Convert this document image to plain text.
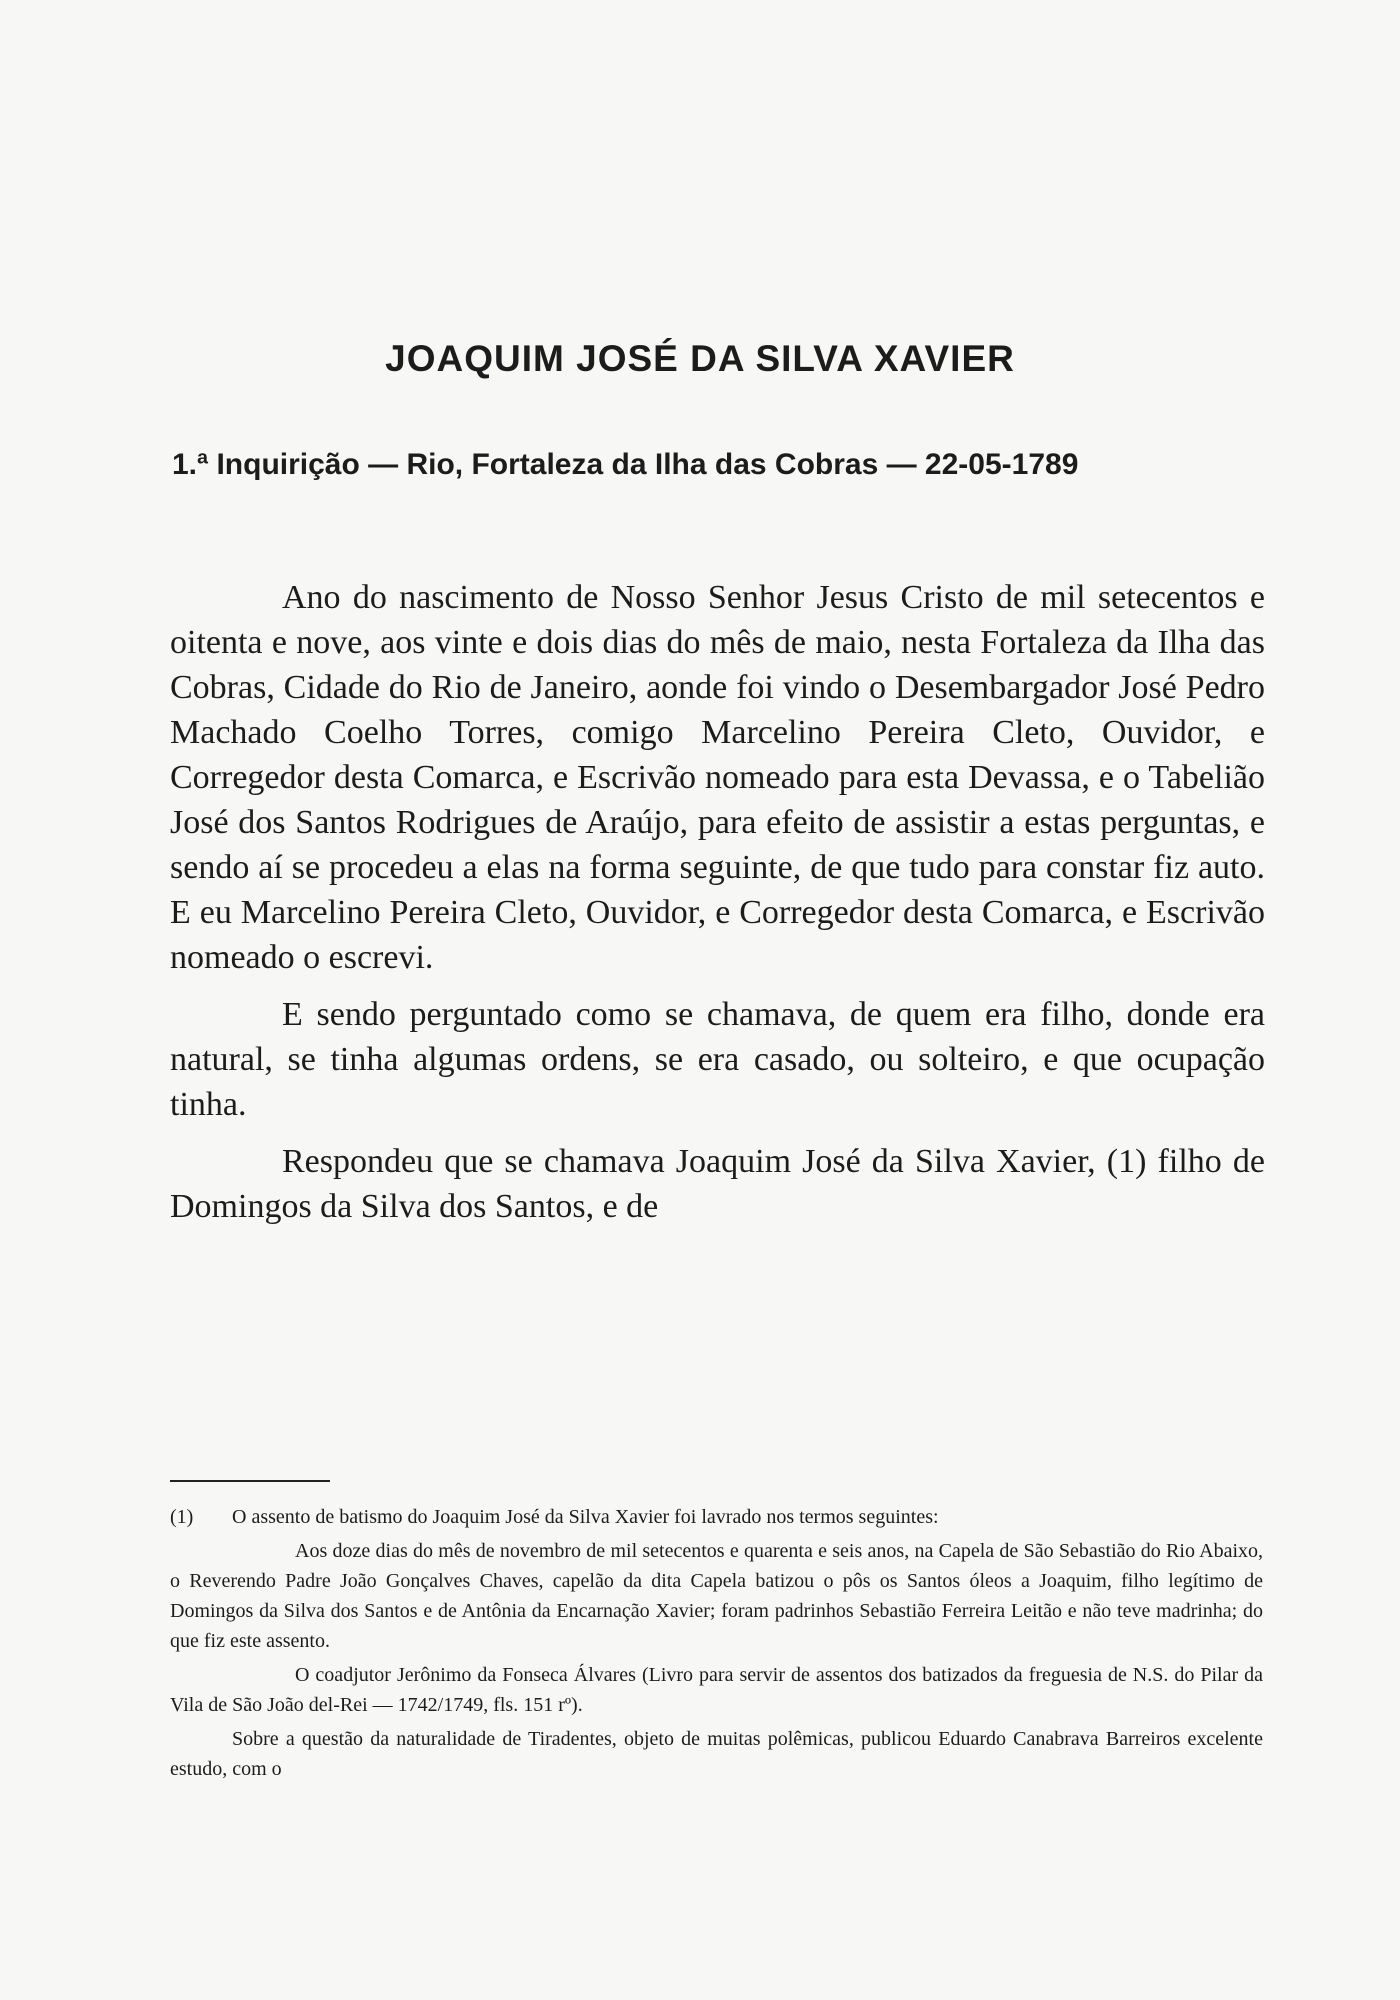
JOAQUIM JOSÉ DA SILVA XAVIER
1.ª Inquirição — Rio, Fortaleza da Ilha das Cobras — 22-05-1789

Ano do nascimento de Nosso Senhor Jesus Cristo de mil setecentos e oitenta e nove, aos vinte e dois dias do mês de maio, nesta Fortaleza da Ilha das Cobras, Cidade do Rio de Janeiro, aonde foi vindo o Desembargador José Pedro Machado Coelho Torres, comigo Marcelino Pereira Cleto, Ouvidor, e Corregedor desta Comarca, e Escrivão nomeado para esta Devassa, e o Tabelião José dos Santos Rodrigues de Araújo, para efeito de assistir a estas perguntas, e sendo aí se procedeu a elas na forma seguinte, de que tudo para constar fiz auto. E eu Marcelino Pereira Cleto, Ouvidor, e Corregedor desta Comarca, e Escrivão nomeado o escrevi.

E sendo perguntado como se chamava, de quem era filho, donde era natural, se tinha algumas ordens, se era casado, ou solteiro, e que ocupação tinha.

Respondeu que se chamava Joaquim José da Silva Xavier, (1) filho de Domingos da Silva dos Santos, e de

(1)	O assento de batismo do Joaquim José da Silva Xavier foi lavrado nos termos seguintes:

Aos doze dias do mês de novembro de mil setecentos e quarenta e seis anos, na Capela de São Sebastião do Rio Abaixo, o Reverendo Padre João Gonçalves Chaves, capelão da dita Capela batizou o pôs os Santos óleos a Joaquim, filho legítimo de Domingos da Silva dos Santos e de Antônia da Encarnação Xavier; foram padrinhos Sebastião Ferreira Leitão e não teve madrinha; do que fiz este assento.

O coadjutor Jerônimo da Fonseca Álvares (Livro para servir de assentos dos batizados da freguesia de N.S. do Pilar da Vila de São João del-Rei — 1742/1749, fls. 151 rº).

Sobre a questão da naturalidade de Tiradentes, objeto de muitas polêmicas, publicou Eduardo Canabrava Barreiros excelente estudo, com o
